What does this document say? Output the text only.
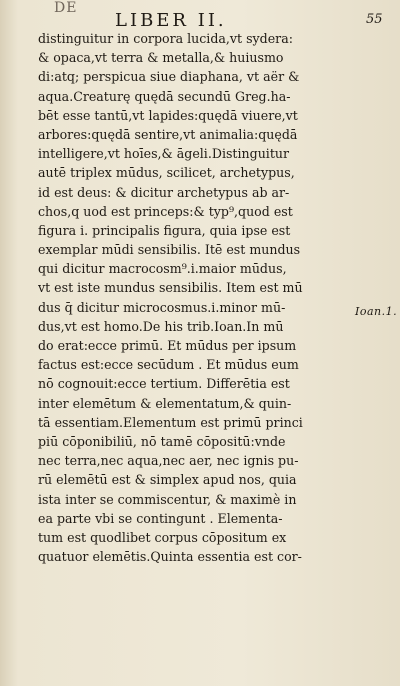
DE
LIBER II.	55
distinguitur in corpora lucida,vt sydera:
& opaca,vt terra & metalla,& huiusmo
di:atq; perspicua siue diaphana, vt aër &
aqua.Creaturę quędā secundū Greg.ha-
bēt esse tantū,vt lapides:quędā viuere,vt
arbores:quędā sentire,vt animalia:quędā
intelligere,vt hoīes,& āgeli.Distinguitur
autē triplex mūdus, scilicet, archetypus,
id est deus: & dicitur archetypus ab ar-
chos,q uod est princeps:& typ⁹,quod est
figura i. principalis figura, quia ipse est
exemplar mūdi sensibilis. Itē est mundus
qui dicitur macrocosm⁹.i.maior mūdus,
vt est iste mundus sensibilis. Item est mū
dus q̄ dicitur microcosmus.i.minor mū-
dus,vt est homo.De his trib.Ioan.In mū
do erat:ecce primū. Et mūdus per ipsum
factus est:ecce secūdum . Et mūdus eum
nō cognouit:ecce tertium. Differētia est
inter elemētum & elementatum,& quin-
tā essentiam.Elementum est primū princi
piū cōponibiliū, nō tamē cōpositū:vnde
nec terra,nec aqua,nec aer, nec ignis pu-
rū elemētū est & simplex apud nos, quia
ista inter se commiscentur, & maximè in
ea parte vbi se contingunt . Elementa-
tum est quodlibet corpus cōpositum ex
quatuor elemētis.Quinta essentia est cor-
Ioan.1.
